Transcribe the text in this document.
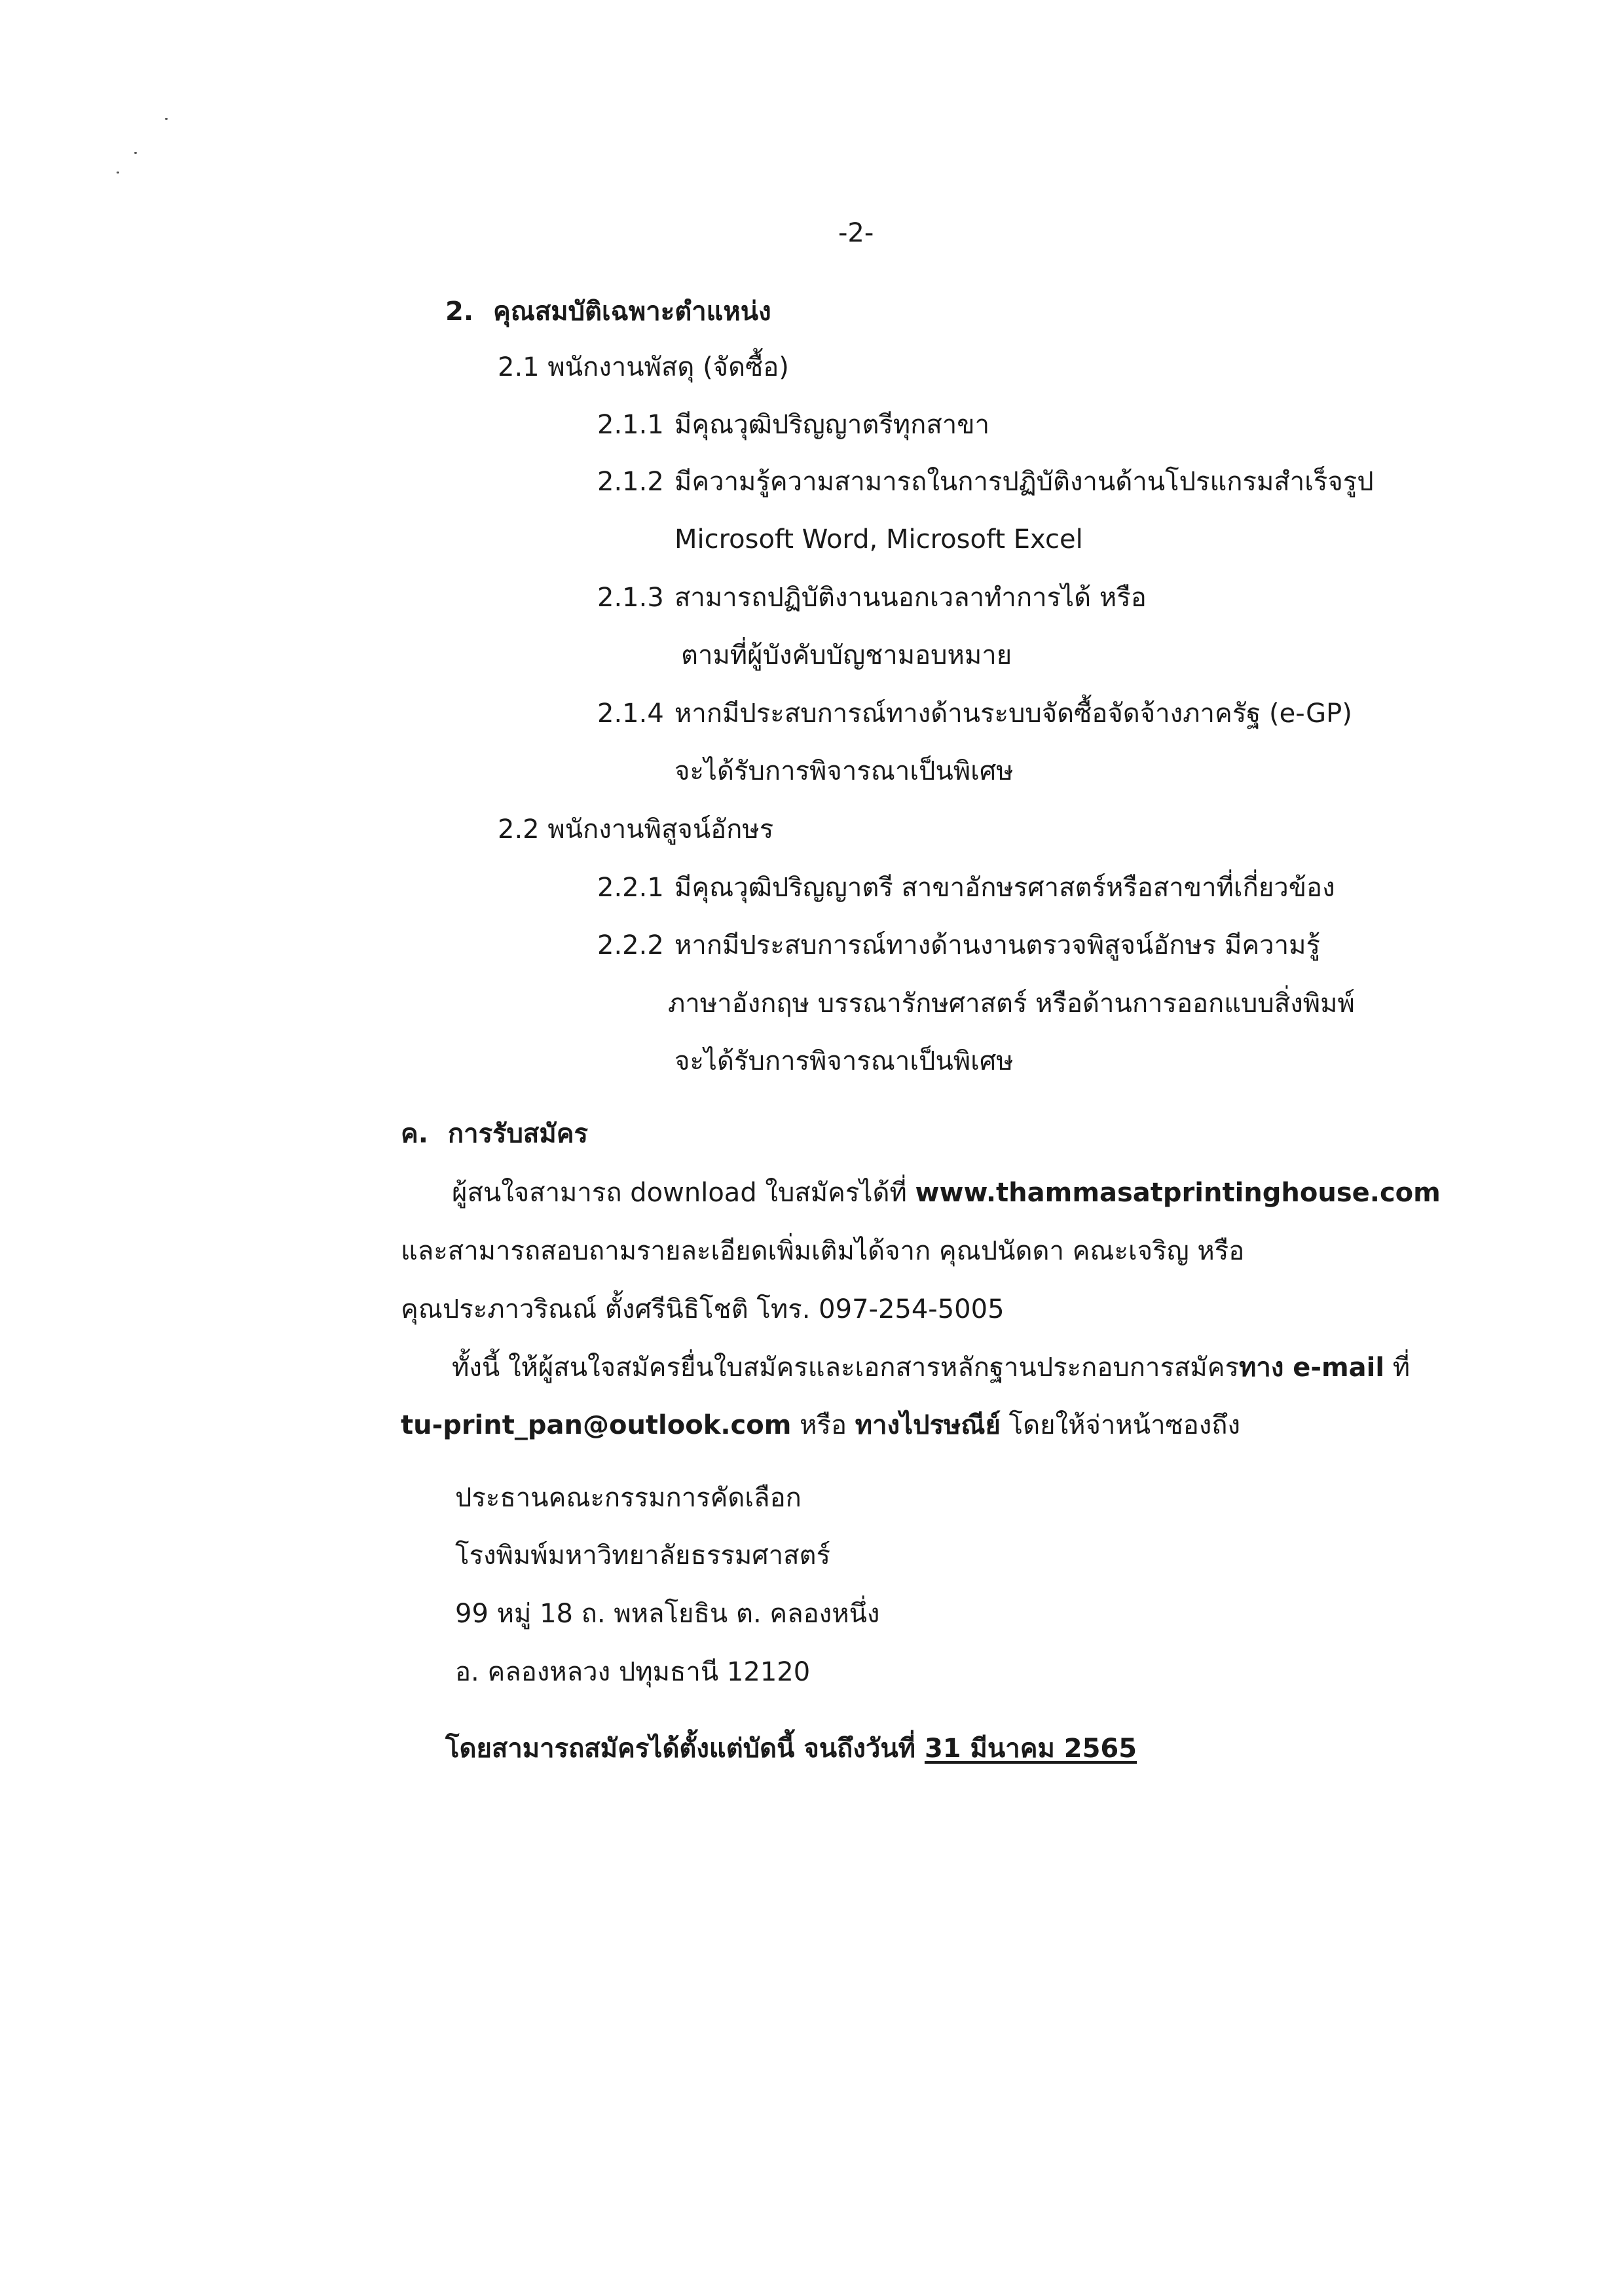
-2-
2. คุณสมบัติเฉพาะตำแหน่ง
2.1 พนักงานพัสดุ (จัดซื้อ)
2.1.1 มีคุณวุฒิปริญญาตรีทุกสาขา
2.1.2 มีความรู้ความสามารถในการปฏิบัติงานด้านโปรแกรมสำเร็จรูป
Microsoft Word, Microsoft Excel
2.1.3 สามารถปฏิบัติงานนอกเวลาทำการได้ หรือ
ตามที่ผู้บังคับบัญชามอบหมาย
2.1.4 หากมีประสบการณ์ทางด้านระบบจัดซื้อจัดจ้างภาครัฐ (e-GP)
จะได้รับการพิจารณาเป็นพิเศษ
2.2 พนักงานพิสูจน์อักษร
2.2.1 มีคุณวุฒิปริญญาตรี สาขาอักษรศาสตร์หรือสาขาที่เกี่ยวข้อง
2.2.2 หากมีประสบการณ์ทางด้านงานตรวจพิสูจน์อักษร มีความรู้
ภาษาอังกฤษ บรรณารักษศาสตร์ หรือด้านการออกแบบสิ่งพิมพ์
จะได้รับการพิจารณาเป็นพิเศษ
ค. การรับสมัคร
ผู้สนใจสามารถ download ใบสมัครได้ที่ www.thammasatprintinghouse.com
และสามารถสอบถามรายละเอียดเพิ่มเติมได้จาก คุณปนัดดา คณะเจริญ หรือ
คุณประภาวริณณ์ ตั้งศรีนิธิโชติ โทร. 097-254-5005
ทั้งนี้ ให้ผู้สนใจสมัครยื่นใบสมัครและเอกสารหลักฐานประกอบการสมัครทาง e-mail ที่
tu-print_pan@outlook.com หรือ ทางไปรษณีย์ โดยให้จ่าหน้าซองถึง
ประธานคณะกรรมการคัดเลือก
โรงพิมพ์มหาวิทยาลัยธรรมศาสตร์
99 หมู่ 18 ถ. พหลโยธิน ต. คลองหนึ่ง
อ. คลองหลวง ปทุมธานี 12120
โดยสามารถสมัครได้ตั้งแต่บัดนี้ จนถึงวันที่ 31 มีนาคม 2565
